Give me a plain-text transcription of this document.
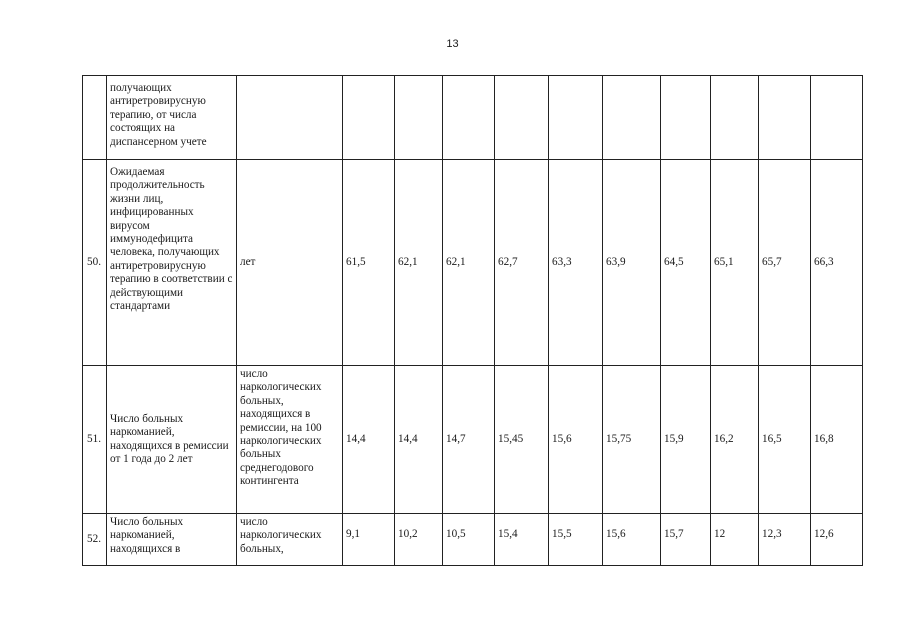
13
	получающих антиретровирусную терапию, от числа состоящих на диспансерном учете											
50.	Ожидаемая продолжительность жизни лиц, инфицированных вирусом иммунодефицита человека, получающих антиретровирусную терапию в соответствии с действующими стандартами	лет	61,5	62,1	62,1	62,7	63,3	63,9	64,5	65,1	65,7	66,3
51.	Число больных наркоманией, находящихся в ремиссии от 1 года до 2 лет	число наркологических больных, находящихся в ремиссии, на 100 наркологических больных среднегодового контингента	14,4	14,4	14,7	15,45	15,6	15,75	15,9	16,2	16,5	16,8
52.	Число больных наркоманией, находящихся в	число наркологических больных,	9,1	10,2	10,5	15,4	15,5	15,6	15,7	12	12,3	12,6
